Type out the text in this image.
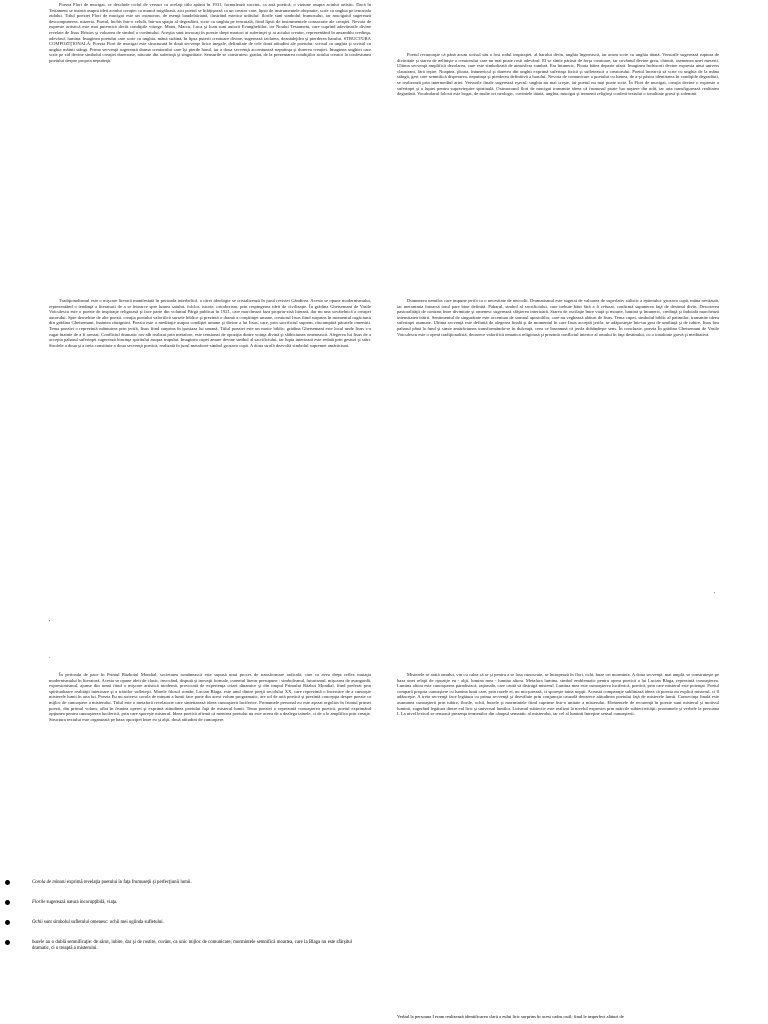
Poezia Flori de mucigai, ce deschide ciclul de versuri cu acelaşi titlu apărut în 1931, formulează succint, ca artă poetică, o viziune asupra actului artistic. Dacă în Testament se insistă asupra ideii actului creaţiei ca muncă migăloasă, aici poetul se înfăţişează ca un creator care, lipsit de instrumentele obişnuite, scrie cu unghia pe tencuiala zidului. Titlul poeziei Flori de mucigai este un oximoron, de esenţă baudelairiană, ilustrând estetica urâtului: florile sunt simbolul frumosului, iar mucigaiul sugerează descompunerea, mizeria. Poetul, închis într-o celulă, într-un spaţiu al degradării, scrie cu unghia pe tencuială, fiind lipsit de instrumentele consacrate ale creaţiei. Nevoia de expresie artistică este mai puternică decât condiţiile vitrege. Matei, Marcu, Luca şi Ioan sunt autorii Evangheliilor, iar Noului Testament, care cuprind adevărurile divine revelate de Iisus Hristos şi valoarea de simbol a cuvântului. Aceştia sunt invocaţi în poezie drept martori ai suferinţei şi ai actului creator, reprezentând în ansamblu credinţa, adevărul, lumina. Imaginea poetului care scrie cu unghia, mână străină, în lipsa puterii creatoare divine, sugerează izolarea, deznădejdea şi pierderea harului. STRUCTURA COMPOZIŢIONALĂ: Poezia Flori de mucigai este structurată în două secvenţe lirice inegale, delimitate de cele două atitudini ale poetului: scrisul cu unghia şi scrisul cu unghia mâinii stângi. Prima secvenţă sugerează drama creatorului care îşi pierde harul, iar a doua secvenţă accentuează neputinţa şi durerea creaţiei. Imaginea unghiei care scrie pe zid devine simbolul creaţiei dureroase, născute din suferinţă şi singurătate. Sensurile se construiesc gradat, de la prezentarea condiţiilor actului creator la confesiunea poetului despre propria neputinţă.

Poetul recunoaşte că până acum scrisul său a fost rodul inspiraţiei, al harului divin, unghia îngerească, iar acum scrie cu unghia tăiată. Versurile sugerează ruptura de divinitate şi starea de nelinişte a creatorului care nu mai poate rosti adevărul. El se simte părăsit de forţa creatoare, iar cuvântul devine greu, chinuit, asemenea unei meserii. Ultima secvenţă amplifică dezolarea, care este simbolizată de atmosfera sumbră. Era întuneric. Ploaia bătea departe afară. Imaginea închisorii devine expresia unui univers claustrant, fără ieşire. Noaptea, ploaia, întunericul şi durerea din unghii exprimă suferinţa fizică şi sufletească a creatorului. Poetul încearcă să scrie cu unghia de la mâna stângă, gest care semnifică disperarea, neputinţa şi pierderea definitivă a harului. Nevoia de comunicare a poetului cu lumea, de a-şi păstra identitatea în condiţiile degradării, se realizează prin intermediul artei. Versurile finale sugerează eşecul: unghia nu mai creşte, iar poetul nu mai poate scrie. În Flori de mucigai, creaţia devine o expresie a suferinţei şi a luptei pentru supravieţuire spirituală. Oximoronul flori de mucigai transmite ideea că frumosul poate lua naştere din urât, iar arta transfigurează realitatea degradată. Vocabularul folosit este bogat, de multe ori neologic, cuvintele tăiată, unghia, mucigai şi termenii religioşi conferă textului o tonalitate gravă şi solemnă.

Tradiţionalismul este o mişcare literară manifestată în perioada interbelică, a cărei ideologie se cristalizează în jurul revistei Gândirea. Acesta se opune modernismului, reprezentând o tendinţă a literaturii de a se întoarce spre lumea satului, folclor, istorie, ortodoxism, prin respingerea ideii de civilizaţie. În grădina Ghetsemani de Vasile Voiculescu este o poezie de inspiraţie religioasă şi face parte din volumul Pârgă publicat în 1921, care marchează faza propriu-zisă literară, dar nu una sovăielnică a creaţiei autorului. Spre deosebire de alte poezii, creaţia poetului valorifică sursele biblice şi prezintă o dramă a conştiinţei umane, creatorul Iisus fiind surprins în momentul rugăciunii din grădina Ghetsemani, înaintea răstignirii. Poezia este o meditaţie asupra condiţiei umane şi divine a lui Iisus, care, prin sacrificiul suprem, răscumpără păcatele omenirii. Tema poeziei o reprezintă mântuirea prin jertfă, Iisus fiind surprins în ipostaza lui umană. Titlul poeziei este un motiv biblic: grădina Ghetsemani este locul unde Iisus s-a rugat înainte de a fi arestat. Conflictul dramatic ros-alb realizat prin metafore, este tensionat de opoziţia dintre voinţa divină şi slăbiciunea omenească. Alegerea lui Iisus de a accepta paharul suferinţei sugerează biruinţa spiritului asupra trupului. Imaginea cupei amare devine simbol al sacrificiului, iar lupta interioară este redată prin gesturi şi stări. Strofele a doua şi a treia constituie a doua secvenţă poetică, realizată în jurul metaforei-simbol grozava cupă. A doua strofă dezvoltă simbolul supremei amărăciuni.

Dumnezeu nemilos care impune jertfa ca o necesitate de neocolit. Dramatismul este sugerat de valoarea de superlativ stilistic a epitetului: grozava cupă, mâna nevăzută, iar metonimia întoarsă totul pare bine definită. Paharul, simbol al sacrificiului, care trebuie băut fără a fi refuzat, confirmă supunerea faţă de destinul divin. Descrierea pastoralităţii de contrast între divinitate şi omenesc sugerează sfâşierea interioară. Starea de oscilaţie între viaţă şi moarte, lumină şi întuneric, credinţă şi îndoială marchează intensitatea trăirii. Sentimentul de singurătate este accentuat de somnul apostolilor, care nu veghează alături de Iisus. Tema cupei, simbolul biblic al patimilor, transmite ideea suferinţei asumate. Ultima secvenţă este definită de alegerea finală şi de momentul în care Iisus acceptă jertfa: se adăposteşte într-un gest de umilinţă şi de iubire. Iisus bea paharul până la fund şi simte amărăciunea transformându-se în dulceaţă, ceea ce înseamnă că jertfa dobândeşte sens. În concluzie, poezia În grădina Ghetsemani de Vasile Voiculescu este o operă tradiţionalistă, deoarece valorifică tematica religioasă şi prezintă conflictul interior al omului în faţa destinului, cu o tonalitate gravă şi meditativă.

'
.
'

În perioada de pace în Primul Războiul Mondial, societatea românească este supusă unui proces de transformare radicală, care va avea drept reflex mutaţia modernismului în literatură. Acesta se opune ideii de clasic, invocând, dispută şi inovaţii formale, curentul literar presupune : simbolismul, futurismul, mişcarea de avangardă, expresionismul, ajunse din urmă fiind o mişcare artistică modernă, provocată de experienţa crizei dinamice şi din timpul Primului Război Mondial, fiind preferat prin spiritualizare realităţii interioare şi a trăirilor sufleteşti. Marele filosof român, Lucian Blaga, este unul dintre poeţii secolului XX, care reprezintă o încercare de a cunoaşte misterele lumii în arta lui. Poezia Eu nu strivesc corola de minuni a lumii face parte din acest volum programatic, are rol de artă poetică şi prezintă concepţia despre poezie ca mijloc de cunoaştere a misterului. Titlul este o metaforă revelatorie care sintetizează ideea cunoaşterii luciferice. Pronumele personal eu este aşezat orgolios în frontul primei poezii, din primul volum, aflat în fruntea operei şi exprimă atitudinea poetului faţă de misterul lumii. Tema poeziei o reprezintă cunoaşterea poetică, poetul exprimând opţiunea pentru cunoaşterea luciferică, prin care sporeşte misterul. Ideea poetică afirmă că menirea poetului nu este aceea de a dezlega tainele, ci de a le amplifica prin creaţie. Structura textului este organizată pe baza opoziţiei între eu şi alţii, două atitudini de cunoaştere.

Misterele se arată omului, vin cu calea să se şi pentru a se lasa cunoscute, se întrupează în flori, ochi, buze ori morminte. A doua secvenţă, mai amplă, se construieşte pe baza unei relaţii de opoziţie eu - alţii, lumina mea - lumina altora. Metafora lumina, simbol emblematic pentru opera poetică a lui Lucian Blaga, reprezintă cunoaşterea. Lumina altora este cunoaşterea paradisiacă, raţională, care caută să distrugă misterul. Lumina mea este cunoaşterea luciferică, poetică, prin care misterul este potenţat. Poetul compară propria cunoaştere cu lumina lunii care, prin razele ei, nu micşorează, ci sporeşte taina nopţii. Această comparaţie subliniază ideea că poezia nu explică misterul, ci îl adânceşte. A treia secvenţă face legătura cu prima secvenţă şi dezvăluie prin conjuncţia cauzală deoarece atitudinea poetului faţă de misterele lumii. Consecinţa finală este asumarea cunoaşterii prin iubire, florile, ochii, buzele şi mormintele fiind cuprinse într-o unitate a misterului. Elementele de recurenţă în poezie sunt misterul şi motivul luminii, sugerând legătura dintre eul liric şi universul lumilor. Lirismul subiectiv este realizat la nivelul expresiei prin mărcile subiectivităţii: pronumele şi verbele la persoana I. La nivel lexical se remarcă prezenţa termenilor din câmpul semantic al misterului, iar cel al luminii întreţine sensul cunoaşterii.

Corola de minuni exprimă revelaţia poetului în faţa frumuseţii şi perfecţiunii lumii.
Florile sugerează natura incorupţibilă, viaţa.
Ochii sunt simbolul sufletului omenesc: ochii mei oglinda sufletului.
buzele au o dublă semnificaţie: de sărut, iubire, dar şi de rostire, cuvânt, ca unic mijloc de comunicare; mormintele semnifică moartea, care la Blaga nu este sfârşitul dramatic, ci o treaptă a misterului.
Verbul la persoana I eram realizează identificarea clară a eului liric surprins în acest cadru ostil; final le imperfect alături de
